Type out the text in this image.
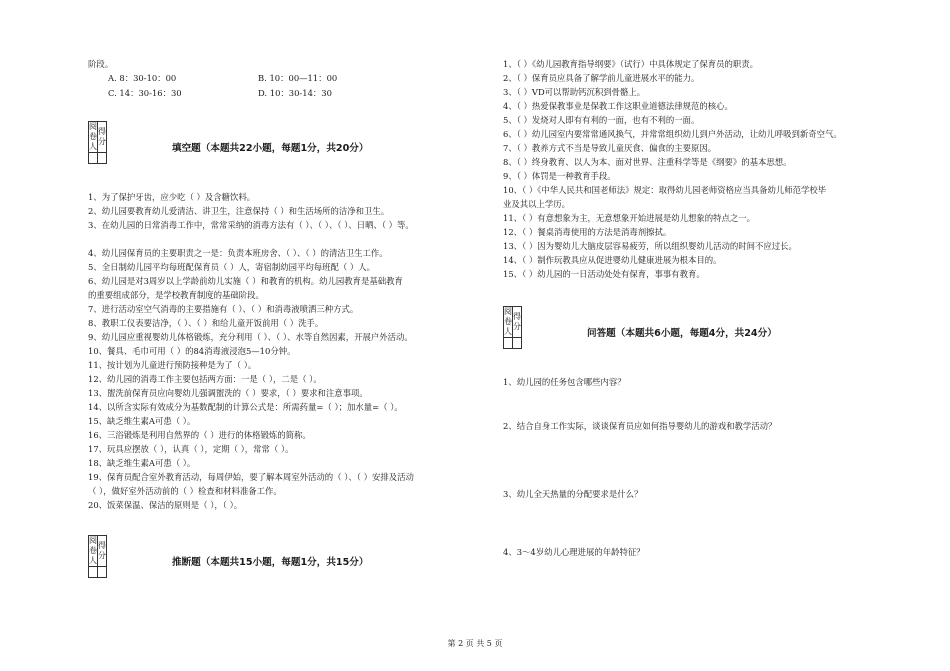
阶段。
A. 8：30-10：00	B. 10：00—11：00
C. 14：30-16：30	D. 10：30-14：30
阅卷人	得分

填空题（本题共22小题，每题1分，共20分）
1、为了保护牙齿，应少吃（ ）及含糖饮料。
2、幼儿园要教育幼儿爱清洁、讲卫生，注意保持（ ）和生活场所的洁净和卫生。
3、在幼儿园的日常消毒工作中，常常采纳的消毒方法有（ ）、（ ）、（ ）、日晒、（ ）等。
4、幼儿园保育员的主要职责之一是：负责本班房舍、（ ）、（ ）的清洁卫生工作。
5、全日制幼儿园平均每班配保育员（ ）人，寄宿制幼园平均每班配（ ）人。
6、幼儿园是对3周岁以上学龄前幼儿实施（ ）和教育的机构。幼儿园教育是基础教育
的重要组成部分，是学校教育制度的基础阶段。
7、进行活动室空气消毒的主要措施有（ ）、（ ）和消毒液喷洒三种方式。
8、教职工仪表要洁净，（ ）、（ ）和给儿童开饭前用（ ）洗手。
9、幼儿园应重视婴幼儿体格锻炼，充分利用（ ）、（ ）、水等自然因素，开展户外活动。
10、餐具、毛巾可用（ ）的84消毒液浸泡5—10分钟。
11、按计划为儿童进行预防接种是为了（ ）。
12、幼儿园的消毒工作主要包括两方面：一是（ ），二是（ ）。
13、盥洗前保育员应向婴幼儿强调盥洗的（ ）要求，（ ）要求和注意事项。
14、以所含实际有效成分为基数配制的计算公式是：所需药量=（ ）；加水量=（ ）。
15、缺乏维生素A可患（ ）。
16、三浴锻炼是利用自然界的（ ）进行的体格锻炼的简称。
17、玩具应摆放（ ），认真（ ），定期（ ），常常（ ）。
18、缺乏维生素A可患（ ）。
19、保育员配合室外教育活动，每周伊始，要了解本周室外活动的（ ）、（ ）安排及活动
（ ），做好室外活动前的（ ）检查和材料准备工作。
20、饭菜保温、保洁的原则是（ ），（ ）。
阅卷人	得分

推断题（本题共15小题，每题1分，共15分）
1、（ ）《幼儿园教育指导纲要》（试行）中具体规定了保育员的职责。
2、（ ）保育员应具备了解学前儿童进展水平的能力。
3、（ ）VD可以帮助钙沉积到骨骼上。
4、（ ）热爱保教事业是保教工作这职业道德法律规范的核心。
5、（ ）发烧对人即有有利的一面，也有不利的一面。
6、（ ）幼儿园室内要常常通风换气，并常常组织幼儿到户外活动，让幼儿呼吸到新奇空气。
7、（ ）教养方式不当是导致儿童厌食、偏食的主要原因。
8、（ ）终身教育、以人为本、面对世界、注重科学等是《纲要》的基本思想。
9、（ ）体罚是一种教育手段。
10、（ ）《中华人民共和国老师法》规定：取得幼儿园老师资格应当具备幼儿师范学校毕
业及其以上学历。
11、（ ）有意想象为主，无意想象开始进展是幼儿想象的特点之一。
12、（ ）餐桌消毒使用的方法是消毒剂擦拭。
13、（ ）因为婴幼儿大脑皮层容易疲劳，所以组织婴幼儿活动的时间不应过长。
14、（ ）制作玩教具应从促进婴幼儿健康进展为根本目的。
15、（ ）幼儿园的一日活动处处有保育，事事有教育。
阅卷人	得分

问答题（本题共6小题，每题4分，共24分）
1、幼儿园的任务包含哪些内容？
2、结合自身工作实际，谈谈保育员应如何指导婴幼儿的游戏和教学活动？
3、幼儿全天热量的分配要求是什么？
4、3～4岁幼儿心理进展的年龄特征？
第 2 页 共 5 页
